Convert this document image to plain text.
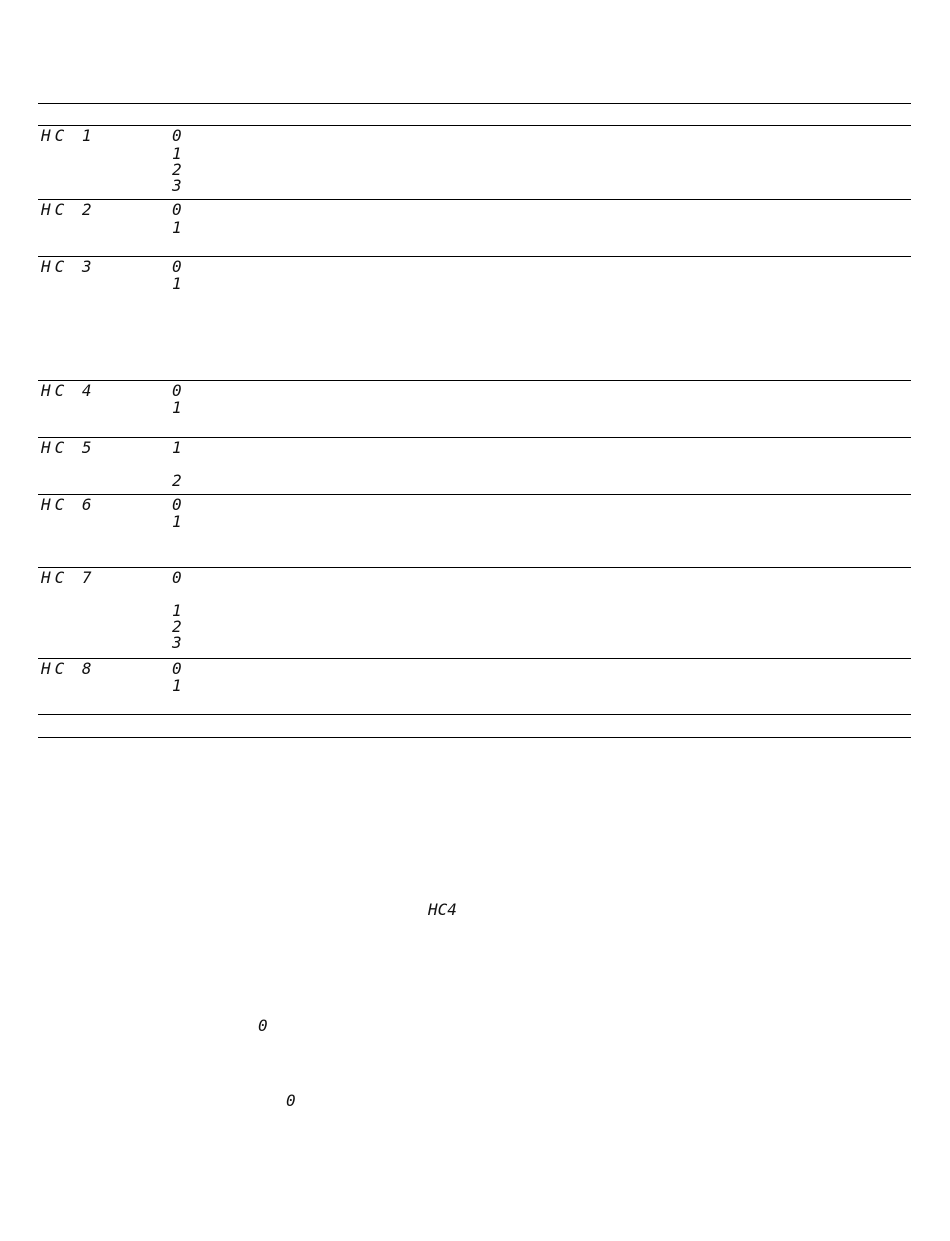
HC 1	0
1
2
3
HC 2	0
1
HC 3	0
1
HC 4	0
1
HC 5	1
2
HC 6	0
1
HC 7	0
1
2
3
HC 8	0
1
HC4
0
0
